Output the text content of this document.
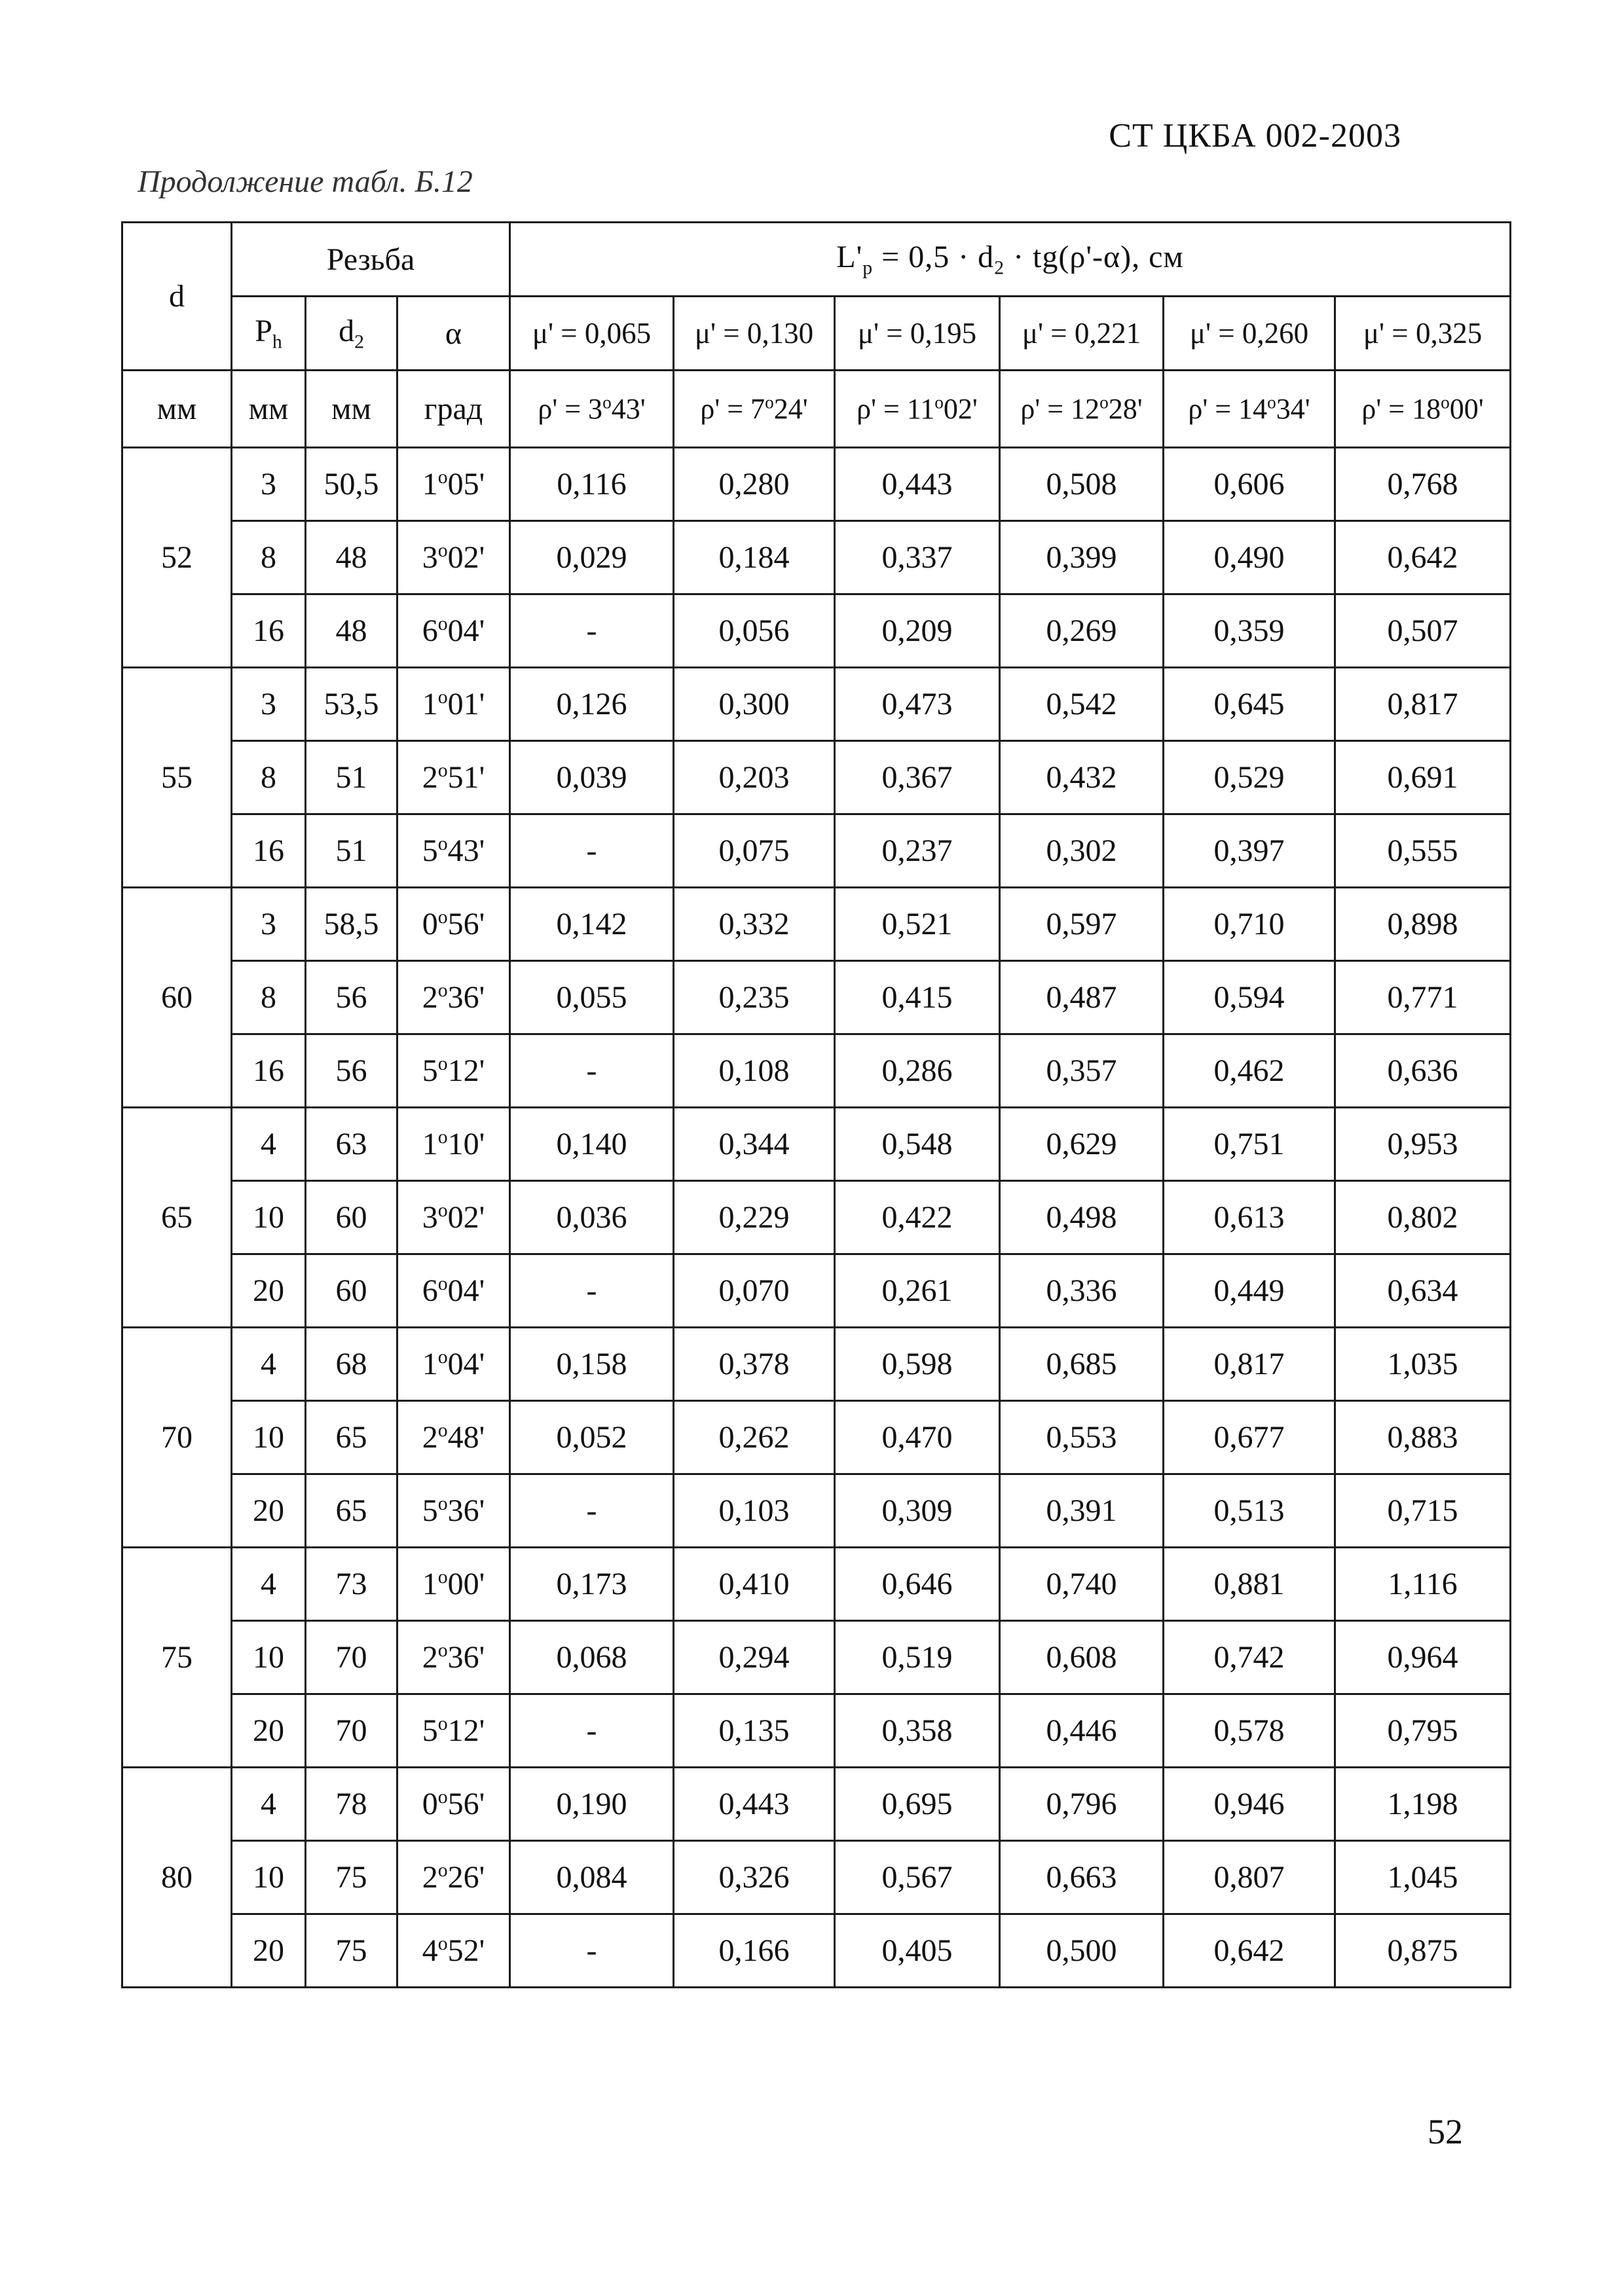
СТ ЦКБА 002-2003
Продолжение табл. Б.12
d	Резьба			$L'_p = 0,5 \cdot d_2 \cdot tg(\rho'-\alpha)$, см					
	$P_h$	$d_2$	α	μ' = 0,065	μ' = 0,130	μ' = 0,195	μ' = 0,221	μ' = 0,260	μ' = 0,325
мм	мм	мм	град	$\rho' = 3^o43'$	$\rho' = 7^o24'$	$\rho' = 11^o02'$	$\rho' = 12^o28'$	$\rho' = 14^o34'$	$\rho' = 18^o00'$
52	3	50,5	1$^o$05'	0,116	0,280	0,443	0,508	0,606	0,768
	8	48	3$^o$02'	0,029	0,184	0,337	0,399	0,490	0,642
	16	48	6$^o$04'	-	0,056	0,209	0,269	0,359	0,507
55	3	53,5	1$^o$01'	0,126	0,300	0,473	0,542	0,645	0,817
	8	51	2$^o$51'	0,039	0,203	0,367	0,432	0,529	0,691
	16	51	5$^o$43'	-	0,075	0,237	0,302	0,397	0,555
60	3	58,5	0$^o$56'	0,142	0,332	0,521	0,597	0,710	0,898
	8	56	2$^o$36'	0,055	0,235	0,415	0,487	0,594	0,771
	16	56	5$^o$12'	-	0,108	0,286	0,357	0,462	0,636
65	4	63	1$^o$10'	0,140	0,344	0,548	0,629	0,751	0,953
	10	60	3$^o$02'	0,036	0,229	0,422	0,498	0,613	0,802
	20	60	6$^o$04'	-	0,070	0,261	0,336	0,449	0,634
70	4	68	1$^o$04'	0,158	0,378	0,598	0,685	0,817	1,035
	10	65	2$^o$48'	0,052	0,262	0,470	0,553	0,677	0,883
	20	65	5$^o$36'	-	0,103	0,309	0,391	0,513	0,715
75	4	73	1$^o$00'	0,173	0,410	0,646	0,740	0,881	1,116
	10	70	2$^o$36'	0,068	0,294	0,519	0,608	0,742	0,964
	20	70	5$^o$12'	-	0,135	0,358	0,446	0,578	0,795
80	4	78	0$^o$56'	0,190	0,443	0,695	0,796	0,946	1,198
	10	75	2$^o$26'	0,084	0,326	0,567	0,663	0,807	1,045
	20	75	4$^o$52'	-	0,166	0,405	0,500	0,642	0,875
52
